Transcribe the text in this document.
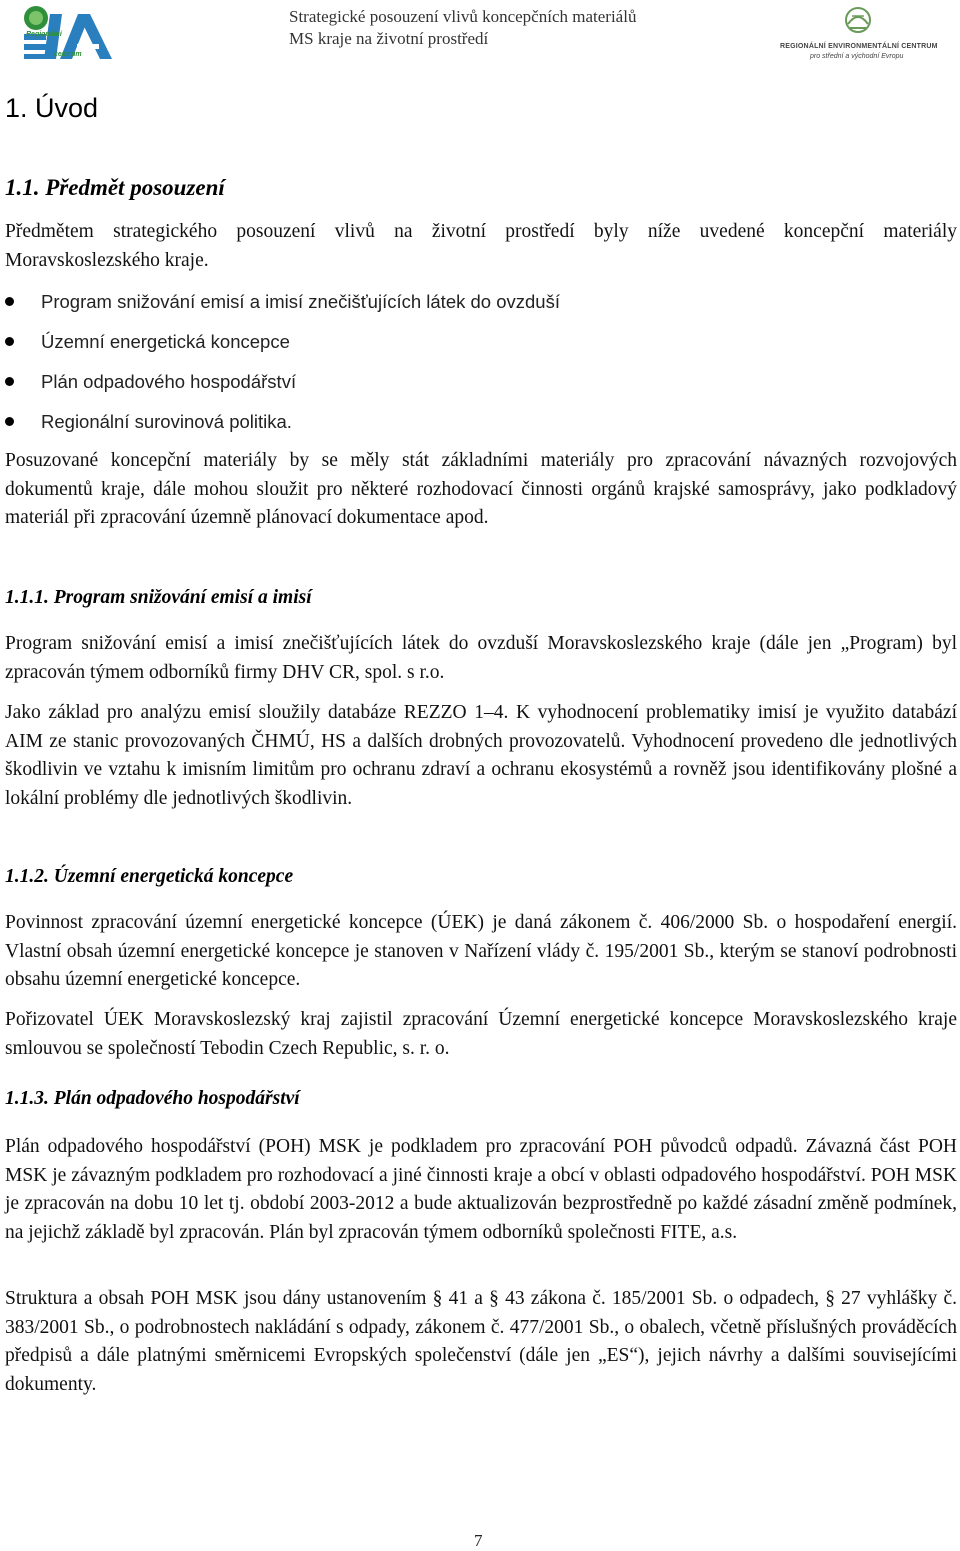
Regionální
centrum
Strategické posouzení vlivů koncepčních materiálů
MS kraje na životní prostředí	REGIONÁLNÍ ENVIRONMENTÁLNÍ CENTRUM
pro střední a východní Evropu
1. Úvod
1.1. Předmět posouzení
Předmětem strategického posouzení vlivů na životní prostředí byly níže uvedené koncepční materiály Moravskoslezského kraje.
Program snižování emisí a imisí znečišťujících látek do ovzduší
Územní energetická koncepce
Plán odpadového hospodářství
Regionální surovinová politika.
Posuzované koncepční materiály by se měly stát základními materiály pro zpracování návazných rozvojových dokumentů kraje, dále mohou sloužit pro některé rozhodovací činnosti orgánů krajské samosprávy, jako podkladový materiál při zpracování územně plánovací dokumentace apod.
1.1.1. Program snižování emisí a imisí
Program snižování emisí a imisí znečišťujících látek do ovzduší Moravskoslezského kraje (dále jen „Program) byl zpracován týmem odborníků firmy DHV CR, spol. s r.o.
Jako základ pro analýzu emisí sloužily databáze REZZO 1–4. K vyhodnocení problematiky imisí je využito databází AIM ze stanic provozovaných ČHMÚ, HS a dalších drobných provozovatelů. Vyhodnocení provedeno dle jednotlivých škodlivin ve vztahu k imisním limitům pro ochranu zdraví a ochranu ekosystémů a rovněž jsou identifikovány plošné a lokální problémy dle jednotlivých škodlivin.
1.1.2. Územní energetická koncepce
Povinnost zpracování územní energetické koncepce (ÚEK) je daná zákonem č. 406/2000 Sb. o hospodaření energií. Vlastní obsah územní energetické koncepce je stanoven v Nařízení vlády č. 195/2001 Sb., kterým se stanoví podrobnosti obsahu územní energetické koncepce.
Pořizovatel ÚEK Moravskoslezský kraj zajistil zpracování Územní energetické koncepce Moravskoslezského kraje smlouvou se společností Tebodin Czech Republic, s. r. o.
1.1.3. Plán odpadového hospodářství
Plán odpadového hospodářství (POH) MSK je podkladem pro zpracování POH původců odpadů. Závazná část POH MSK je závazným podkladem pro rozhodovací a jiné činnosti kraje a obcí v oblasti odpadového hospodářství. POH MSK je zpracován na dobu 10 let tj. období 2003-2012 a bude aktualizován bezprostředně po každé zásadní změně podmínek, na jejichž základě byl zpracován. Plán byl zpracován týmem odborníků společnosti FITE, a.s.
Struktura a obsah POH MSK jsou dány ustanovením § 41 a § 43 zákona č. 185/2001 Sb. o odpadech, § 27 vyhlášky č. 383/2001 Sb., o podrobnostech nakládání s odpady, zákonem č. 477/2001 Sb., o obalech, včetně příslušných prováděcích předpisů a dále platnými směrnicemi Evropských společenství (dále jen „ES“), jejich návrhy a dalšími souvisejícími dokumenty.
7
